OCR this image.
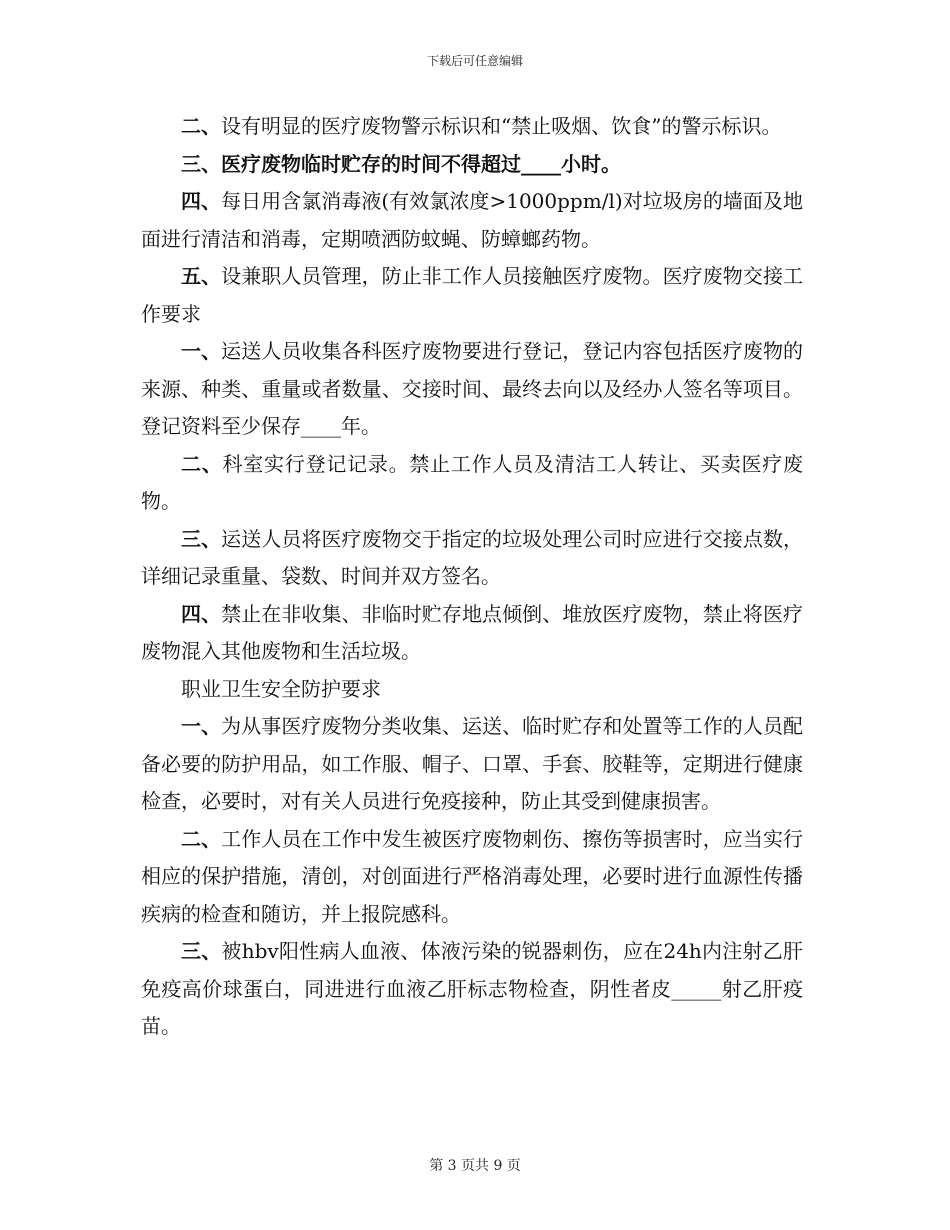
下载后可任意编辑

二、设有明显的医疗废物警示标识和“禁止吸烟、饮食”的警示标识。

三、医疗废物临时贮存的时间不得超过____小时。

四、每日用含氯消毒液(有效氯浓度>1000ppm/l)对垃圾房的墙面及地面进行清洁和消毒，定期喷洒防蚊蝇、防蟑螂药物。

五、设兼职人员管理，防止非工作人员接触医疗废物。医疗废物交接工作要求

一、运送人员收集各科医疗废物要进行登记，登记内容包括医疗废物的来源、种类、重量或者数量、交接时间、最终去向以及经办人签名等项目。登记资料至少保存____年。

二、科室实行登记记录。禁止工作人员及清洁工人转让、买卖医疗废物。

三、运送人员将医疗废物交于指定的垃圾处理公司时应进行交接点数，详细记录重量、袋数、时间并双方签名。

四、禁止在非收集、非临时贮存地点倾倒、堆放医疗废物，禁止将医疗废物混入其他废物和生活垃圾。

职业卫生安全防护要求

一、为从事医疗废物分类收集、运送、临时贮存和处置等工作的人员配备必要的防护用品，如工作服、帽子、口罩、手套、胶鞋等，定期进行健康检查，必要时，对有关人员进行免疫接种，防止其受到健康损害。

二、工作人员在工作中发生被医疗废物刺伤、擦伤等损害时，应当实行相应的保护措施，清创，对创面进行严格消毒处理，必要时进行血源性传播疾病的检查和随访，并上报院感科。

三、被hbv阳性病人血液、体液污染的锐器刺伤，应在24h内注射乙肝免疫高价球蛋白，同进进行血液乙肝标志物检查，阴性者皮_____射乙肝疫苗。

第 3 页共 9 页
